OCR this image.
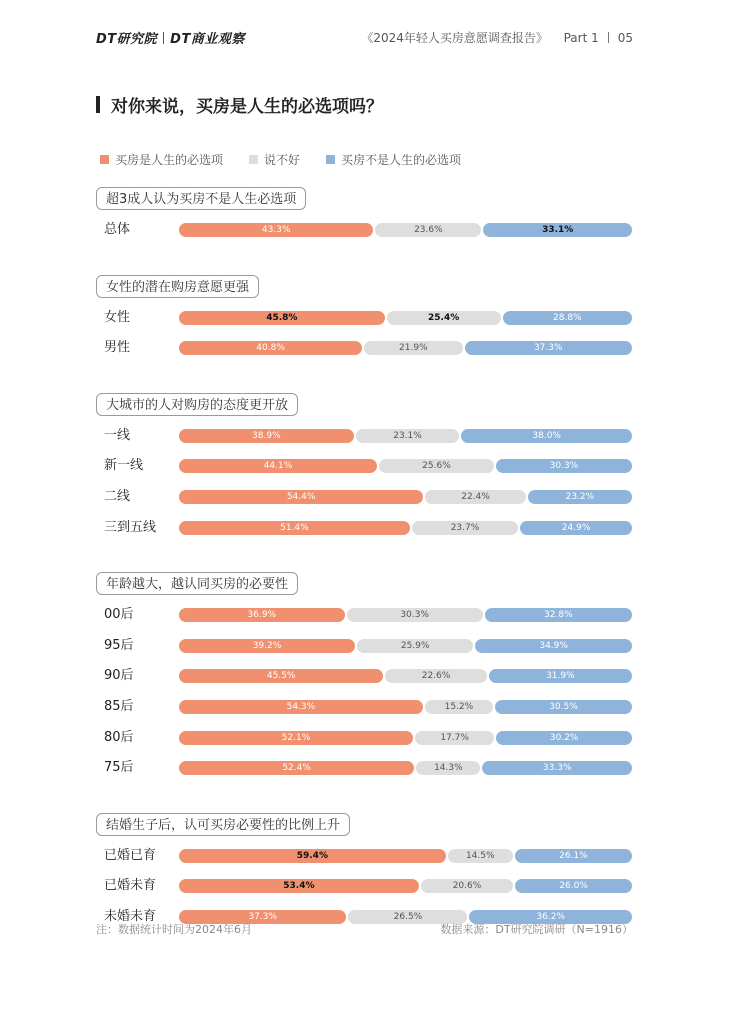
DT研究院 DT商业观察	《2024年轻人买房意愿调查报告》 Part 1 05
对你来说，买房是人生的必选项吗？
买房是人生的必选项	说不好	买房不是人生的必选项
超3成人认为买房不是人生必选项
总体	43.3%	23.6%	33.1%
女性的潜在购房意愿更强
女性	45.8%	25.4%	28.8%
男性	40.8%	21.9%	37.3%
大城市的人对购房的态度更开放
一线	38.9%	23.1%	38.0%
新一线	44.1%	25.6%	30.3%
二线	54.4%	22.4%	23.2%
三到五线	51.4%	23.7%	24.9%
年龄越大，越认同买房的必要性
00后	36.9%	30.3%	32.8%
95后	39.2%	25.9%	34.9%
90后	45.5%	22.6%	31.9%
85后	54.3%	15.2%	30.5%
80后	52.1%	17.7%	30.2%
75后	52.4%	14.3%	33.3%
结婚生子后，认可买房必要性的比例上升
已婚已育	59.4%	14.5%	26.1%
已婚未育	53.4%	20.6%	26.0%
未婚未育	37.3%	26.5%	36.2%
注：数据统计时间为2024年6月	数据来源：DT研究院调研（N=1916）
